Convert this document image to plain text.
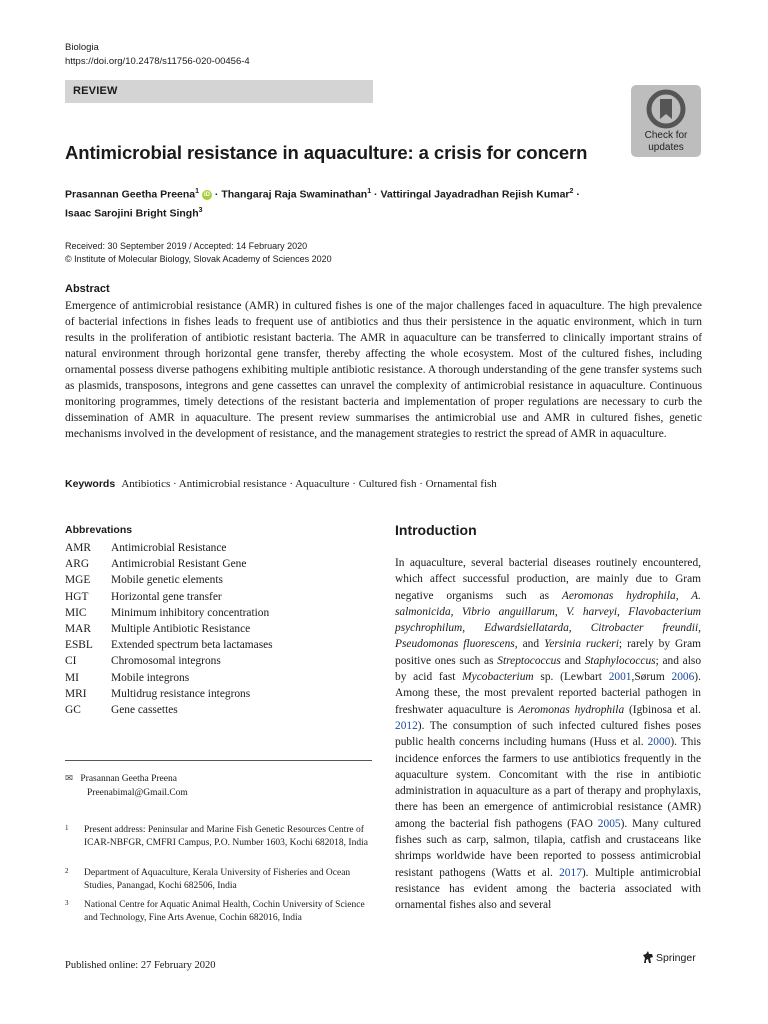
Biologia
https://doi.org/10.2478/s11756-020-00456-4
REVIEW
Check for
updates
Antimicrobial resistance in aquaculture: a crisis for concern
Prasannan Geetha Preena$^1$ iD · Thangaraj Raja Swaminathan$^1$ · Vattiringal Jayadradhan Rejish Kumar$^2$ ·
Isaac Sarojini Bright Singh$^3$
Received: 30 September 2019 / Accepted: 14 February 2020
© Institute of Molecular Biology, Slovak Academy of Sciences 2020
Abstract

Emergence of antimicrobial resistance (AMR) in cultured fishes is one of the major challenges faced in aquaculture. The high prevalence of bacterial infections in fishes leads to frequent use of antibiotics and thus their persistence in the aquatic environment, which in turn results in the proliferation of antibiotic resistant bacteria. The AMR in aquaculture can be transferred to clinically important strains of natural environment through horizontal gene transfer, thereby affecting the whole ecosystem. Most of the cultured fishes, including ornamental possess diverse pathogens exhibiting multiple antibiotic resistance. A thorough understanding of the gene transfer systems such as plasmids, transposons, integrons and gene cassettes can unravel the complexity of antimicrobial resistance in aquaculture. Continuous monitoring programmes, timely detections of the resistant bacteria and implementation of proper regulations are necessary to curb the dissemination of AMR in aquaculture. The present review summarises the antimicrobial use and AMR in cultured fishes, genetic mechanisms involved in the development of resistance, and the management strategies to restrict the spread of AMR in aquaculture.

Keywords Antibiotics · Antimicrobial resistance · Aquaculture · Cultured fish · Ornamental fish
Abbrevations
AMR	Antimicrobial Resistance
ARG	Antimicrobial Resistant Gene
MGE	Mobile genetic elements
HGT	Horizontal gene transfer
MIC	Minimum inhibitory concentration
MAR	Multiple Antibiotic Resistance
ESBL	Extended spectrum beta lactamases
CI	Chromosomal integrons
MI	Mobile integrons
MRI	Multidrug resistance integrons
GC	Gene cassettes
✉ Prasannan Geetha Preena
Preenabimal@Gmail.Com
1 Present address: Peninsular and Marine Fish Genetic Resources Centre of ICAR-NBFGR, CMFRI Campus, P.O. Number 1603, Kochi 682018, India
2 Department of Aquaculture, Kerala University of Fisheries and Ocean Studies, Panangad, Kochi 682506, India
3 National Centre for Aquatic Animal Health, Cochin University of Science and Technology, Fine Arts Avenue, Cochin 682016, India
Published online: 27 February 2020
Springer
Introduction

In aquaculture, several bacterial diseases routinely encountered, which affect successful production, are mainly due to Gram negative organisms such as Aeromonas hydrophila, A. salmonicida, Vibrio anguillarum, V. harveyi, Flavobacterium psychrophilum, Edwardsiellatarda, Citrobacter freundii, Pseudomonas fluorescens, and Yersinia ruckeri; rarely by Gram positive ones such as Streptococcus and Staphylococcus; and also by acid fast Mycobacterium sp. (Lewbart 2001,Sørum 2006). Among these, the most prevalent reported bacterial pathogen in freshwater aquaculture is Aeromonas hydrophila (Igbinosa et al. 2012). The consumption of such infected cultured fishes poses public health concerns including humans (Huss et al. 2000). This incidence enforces the farmers to use antibiotics frequently in the aquaculture system. Concomitant with the rise in antibiotic administration in aquaculture as a part of therapy and prophylaxis, there has been an emergence of antimicrobial resistance (AMR) among the bacterial fish pathogens (FAO 2005). Many cultured fishes such as carp, salmon, tilapia, catfish and crustaceans like shrimps worldwide have been reported to possess antimicrobial resistant pathogens (Watts et al. 2017). Multiple antimicrobial resistance has evident among the bacteria associated with ornamental fishes also and several
